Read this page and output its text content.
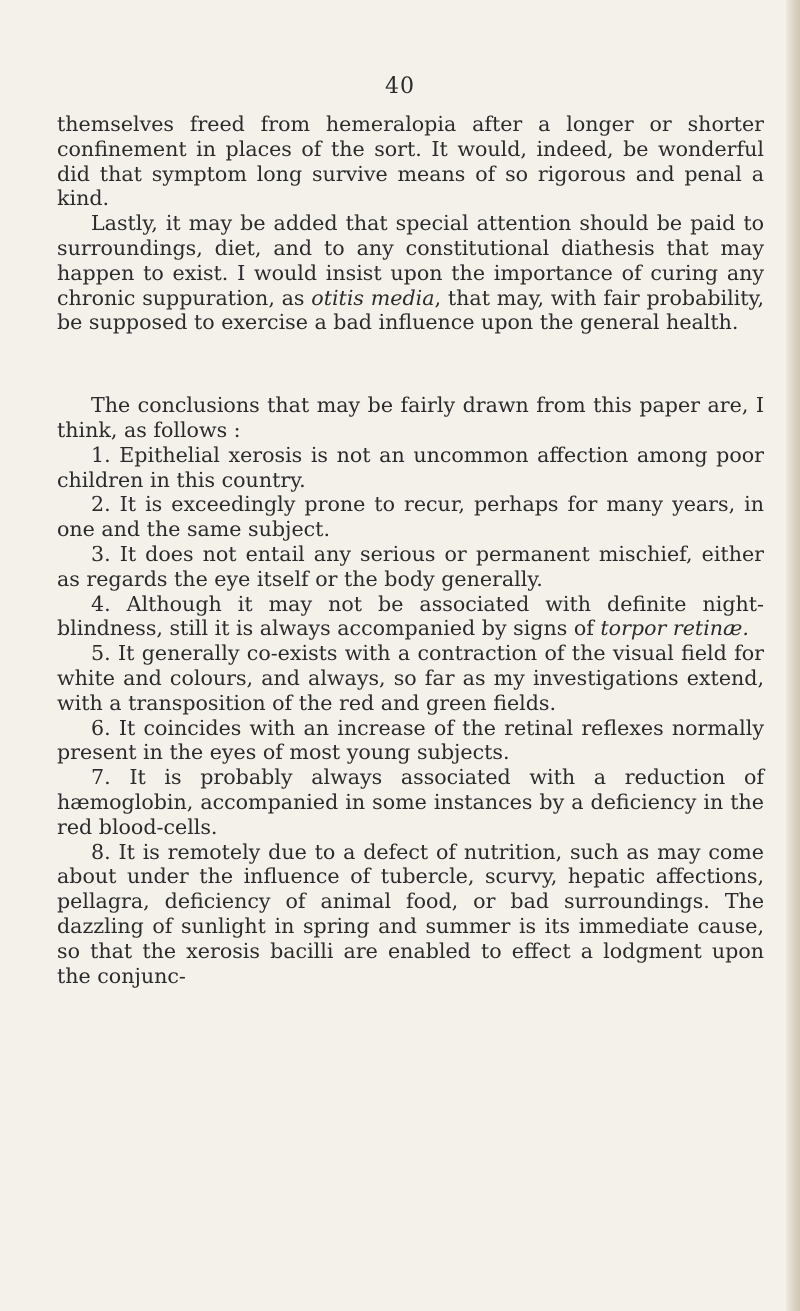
40

themselves freed from hemeralopia after a longer or shorter confinement in places of the sort. It would, indeed, be wonderful did that symptom long survive means of so rigorous and penal a kind.

Lastly, it may be added that special attention should be paid to surroundings, diet, and to any constitutional diathesis that may happen to exist. I would insist upon the importance of curing any chronic suppuration, as otitis media, that may, with fair probability, be supposed to exercise a bad influence upon the general health.

The conclusions that may be fairly drawn from this paper are, I think, as follows :

1. Epithelial xerosis is not an uncommon affection among poor children in this country.

2. It is exceedingly prone to recur, perhaps for many years, in one and the same subject.

3. It does not entail any serious or permanent mischief, either as regards the eye itself or the body generally.

4. Although it may not be associated with definite night-blindness, still it is always accompanied by signs of torpor retinæ.

5. It generally co-exists with a contraction of the visual field for white and colours, and always, so far as my investigations extend, with a transposition of the red and green fields.

6. It coincides with an increase of the retinal reflexes normally present in the eyes of most young subjects.

7. It is probably always associated with a reduction of hæmoglobin, accompanied in some instances by a deficiency in the red blood-cells.

8. It is remotely due to a defect of nutrition, such as may come about under the influence of tubercle, scurvy, hepatic affections, pellagra, deficiency of animal food, or bad surroundings. The dazzling of sunlight in spring and summer is its immediate cause, so that the xerosis bacilli are enabled to effect a lodgment upon the conjunc-
